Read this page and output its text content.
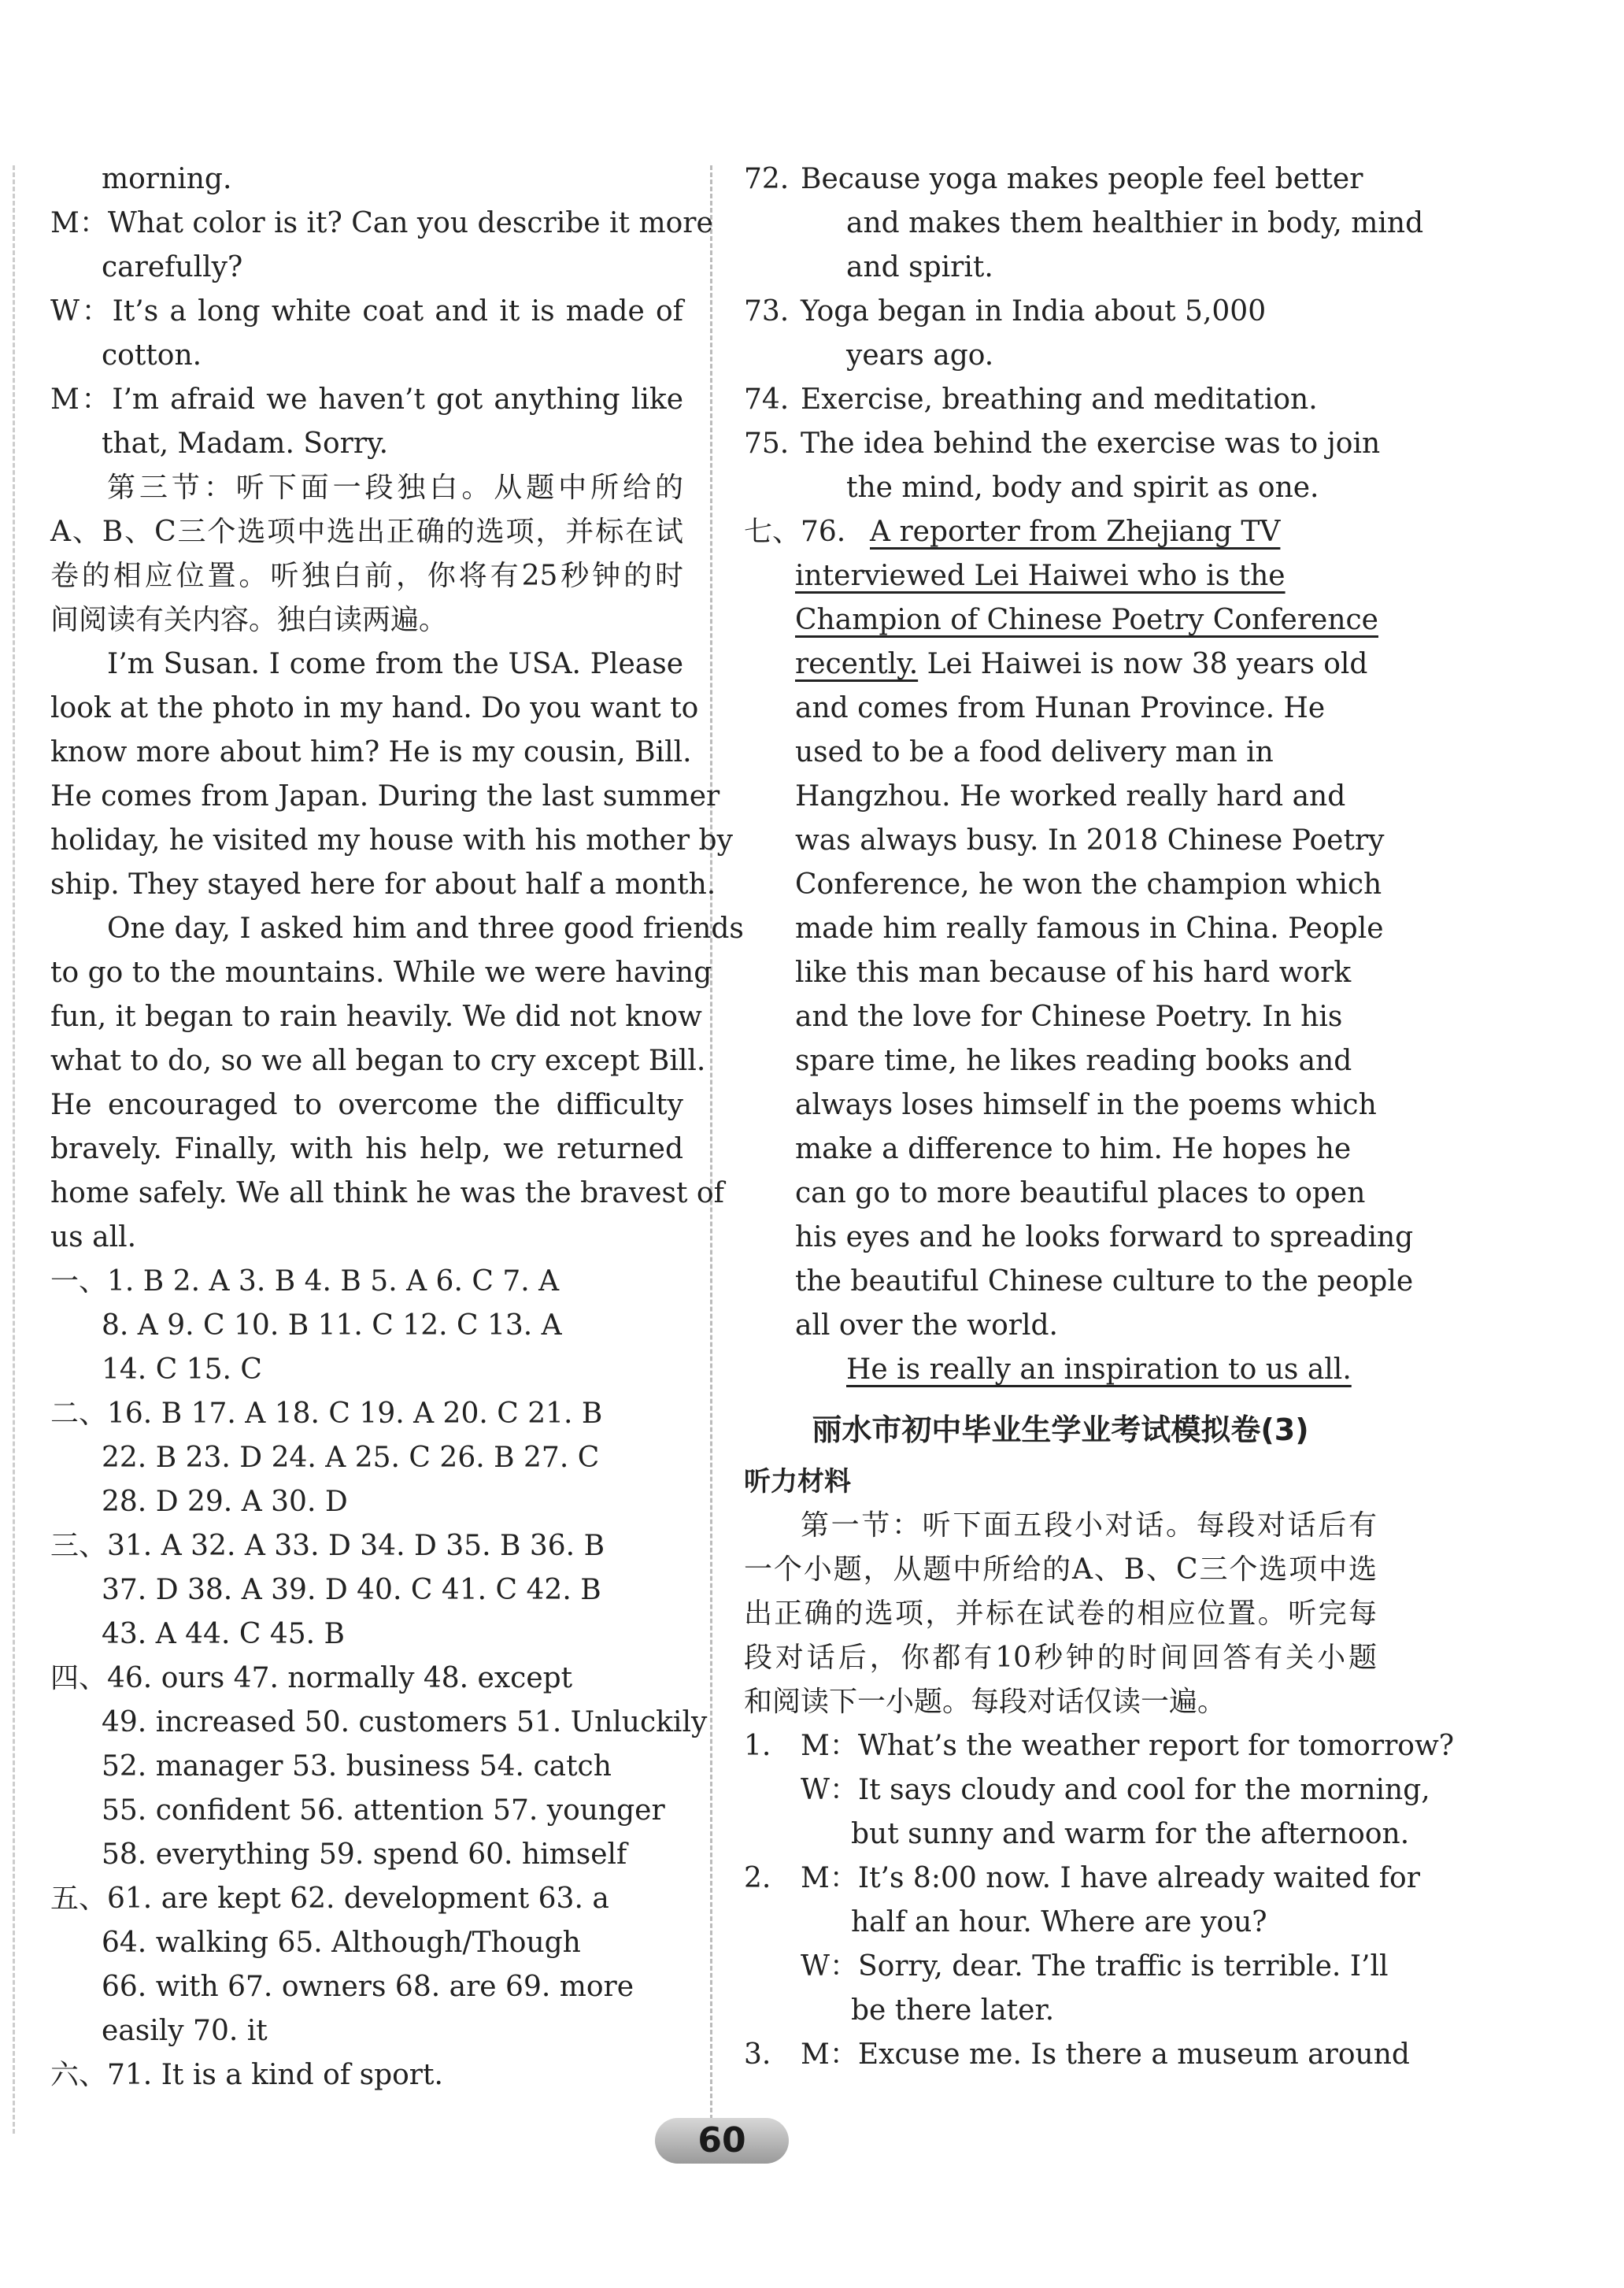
morning.
M：What color is it? Can you describe it more
carefully?
W：It’s a long white coat and it is made of
cotton.
M：I’m afraid we haven’t got anything like
that, Madam. Sorry.
第三节：听下面一段独白。从题中所给的
A、B、C三个选项中选出正确的选项，并标在试
卷的相应位置。听独白前，你将有25秒钟的时
间阅读有关内容。独白读两遍。
I’m Susan. I come from the USA. Please
look at the photo in my hand. Do you want to
know more about him? He is my cousin, Bill.
He comes from Japan. During the last summer
holiday, he visited my house with his mother by
ship. They stayed here for about half a month.
One day, I asked him and three good friends
to go to the mountains. While we were having
fun, it began to rain heavily. We did not know
what to do, so we all began to cry except Bill.
He encouraged to overcome the difficulty
bravely. Finally, with his help, we returned
home safely. We all think he was the bravest of
us all.
一、1. B 2. A 3. B 4. B 5. A 6. C 7. A
8. A 9. C 10. B 11. C 12. C 13. A
14. C 15. C
二、16. B 17. A 18. C 19. A 20. C 21. B
22. B 23. D 24. A 25. C 26. B 27. C
28. D 29. A 30. D
三、31. A 32. A 33. D 34. D 35. B 36. B
37. D 38. A 39. D 40. C 41. C 42. B
43. A 44. C 45. B
四、46. ours 47. normally 48. except
49. increased 50. customers 51. Unluckily
52. manager 53. business 54. catch
55. confident 56. attention 57. younger
58. everything 59. spend 60. himself
五、61. are kept 62. development 63. a
64. walking 65. Although/Though
66. with 67. owners 68. are 69. more
easily 70. it
六、71. It is a kind of sport.
72. Because yoga makes people feel better
and makes them healthier in body, mind
and spirit.
73. Yoga began in India about 5,000
years ago.
74. Exercise, breathing and meditation.
75. The idea behind the exercise was to join
the mind, body and spirit as one.
七、76. A reporter from Zhejiang TV
interviewed Lei Haiwei who is the
Champion of Chinese Poetry Conference
recently. Lei Haiwei is now 38 years old
and comes from Hunan Province. He
used to be a food delivery man in
Hangzhou. He worked really hard and
was always busy. In 2018 Chinese Poetry
Conference, he won the champion which
made him really famous in China. People
like this man because of his hard work
and the love for Chinese Poetry. In his
spare time, he likes reading books and
always loses himself in the poems which
make a difference to him. He hopes he
can go to more beautiful places to open
his eyes and he looks forward to spreading
the beautiful Chinese culture to the people
all over the world.
He is really an inspiration to us all.
丽水市初中毕业生学业考试模拟卷(3)
听力材料
第一节：听下面五段小对话。每段对话后有
一个小题，从题中所给的A、B、C三个选项中选
出正确的选项，并标在试卷的相应位置。听完每
段对话后，你都有10秒钟的时间回答有关小题
和阅读下一小题。每段对话仅读一遍。
1. M：What’s the weather report for tomorrow?
W：It says cloudy and cool for the morning,
but sunny and warm for the afternoon.
2. M：It’s 8:00 now. I have already waited for
half an hour. Where are you?
W：Sorry, dear. The traffic is terrible. I’ll
be there later.
3. M：Excuse me. Is there a museum around
60
